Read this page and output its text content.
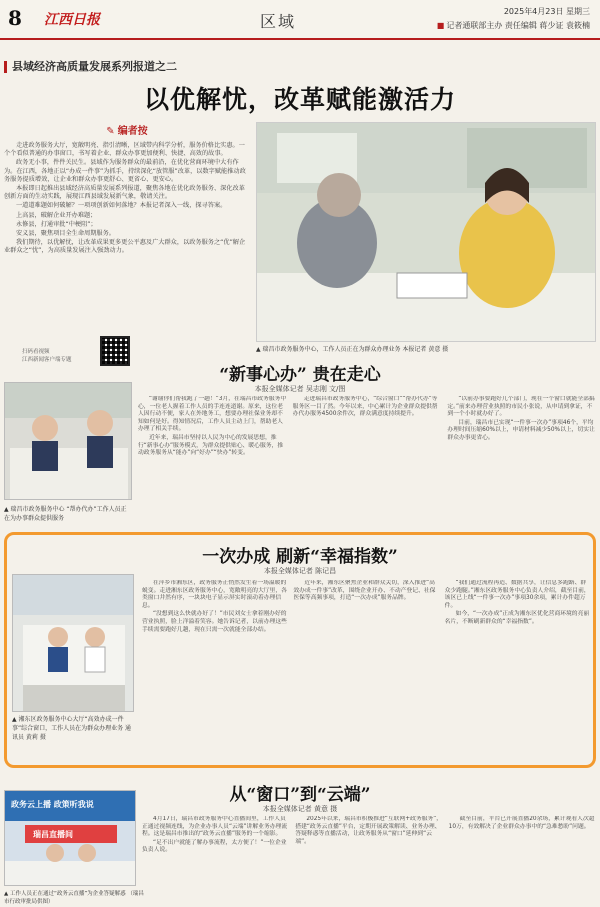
8 江西日报	区域
2025年4月23日 星期三
■ 记者通联部主办 责任编辑 蒋少证 袁筱楠
县域经济高质量发展系列报道之二
以优解忧，改革赋能激活力
✎ 编者按

走进政务服务大厅，宽敞明亮、指引清晰，区域带内科学分析，服务价格比实惠。一个个看似普通的办事窗口，书写着企业、群众办事更加便利、快捷、高效的故事。

政务无小事，件件关民生。县域作为服务群众的最前沿，在优化营商环境中大有作为。在江西，各地正以“办成一件事”为抓手，持续深化“放管服”改革，以数字赋能推动政务服务提质增效，让企业和群众办事更舒心、更省心、更安心。

本报即日起推出县域经济高质量发展系列报道，聚焦各地在优化政务服务、深化改革创新方面的生动实践，展现江西县域发展新气象，敬请关注。

一道道难题如何破解？一项项创新如何落地？本报记者深入一线，探寻答案。

上高县，破解企业开办难题；

永修县，打通审批“中梗阻”；

安义县，聚焦项目全生命周期服务。

我们期待，以优解忧，让改革成果更多更公平惠及广大群众，以政务服务之“优”解企业群众之“忧”，为高质量发展注入强劲动力。

扫码看视频
江西新闻客户端专题
▲ 瑞昌市政务服务中心，工作人员正在为群众办理业务 本报记者 黄意 摄
“新事心办” 贵在走心
本报全媒体记者 吴志刚 文/图
▲ 瑞昌市政务服务中心 “帮办代办”工作人员正在为办事群众提供服务

“谢谢你们帮我跑了一趟！”3月，在瑞昌市政务服务中心，一位老人握着工作人员的手连连道谢。原来，这位老人因行动不便，家人在外地务工，想要办理社保业务却不知如何是好。得知情况后，工作人员主动上门，帮助老人办理了相关手续。

近年来，瑞昌市坚持以人民为中心的发展思想，推行“新事心办”服务模式，为群众提供贴心、暖心服务，推动政务服务从“能办”向“好办”“快办”转变。

走进瑞昌市政务服务中心，“综合窗口”“帮办代办”等服务区一目了然。今年以来，中心累计为企业群众提供帮办代办服务4500余件次，群众满意度持续提升。

“以前办事要跑好几个部门，现在一个窗口就能全部搞定。”前来办理营业执照的市民小张说，从申请到拿证，不到一个小时就办好了。

目前，瑞昌市已实现“一件事一次办”事项46个，平均办理时间压缩60%以上，申请材料减少50%以上，切实让群众办事更省心。

一次办成 刷新“幸福指数”
本报全媒体记者 陈记昌
▲ 湘东区政务服务中心大厅“高效办成一件事”综合窗口，工作人员在为群众办理业务 通讯员 黄莉 摄

在萍乡市湘东区，政务服务正悄然发生着一场温暖的蜕变。走进湘东区政务服务中心，宽敞明亮的大厅里，各类窗口井然有序，一块块电子显示屏实时滚动着办理信息。

“没想到这么快就办好了！”市民刘女士拿着刚办好的营业执照，脸上洋溢着笑容。她告诉记者，以前办理这些手续需要跑好几趟，现在只需一次就能全部办结。

近年来，湘东区聚焦企业和群众关切，深入推进“高效办成一件事”改革，围绕企业开办、不动产登记、社保医保等高频事项，打造“一次办成”服务品牌。

“我们通过流程再造、数据共享，让信息多跑路、群众少跑腿。”湘东区政务服务中心负责人介绍，截至目前，该区已上线“一件事一次办”事项30余项，累计办件超万件。

如今，“一次办成”正成为湘东区优化营商环境的亮丽名片，不断刷新群众的“幸福指数”。

从“窗口”到“云端”
本报全媒体记者 黄意 摄
政务云上播 政策听我说
瑞昌直播间
▲ 工作人员正在通过“政务云直播”为企业答疑解惑 （瑞昌市行政审批局供图）

4月17日，瑞昌市政务服务中心直播间里，工作人员正通过视频连线，为企业办事人员“云端”讲解业务办理流程。这是瑞昌市推出的“政务云直播”服务的一个缩影。

“足不出户就能了解办事流程，太方便了！”一位企业负责人说。

2025年以来，瑞昌市积极推进“互联网+政务服务”，搭建“政务云直播”平台，定期开展政策解读、业务办理、答疑释惑等直播活动，让政务服务从“窗口”延伸到“云端”。

截至目前，平台已开展直播20余场，累计观看人次超10万，有效解决了企业群众办事中的“急难愁盼”问题。
